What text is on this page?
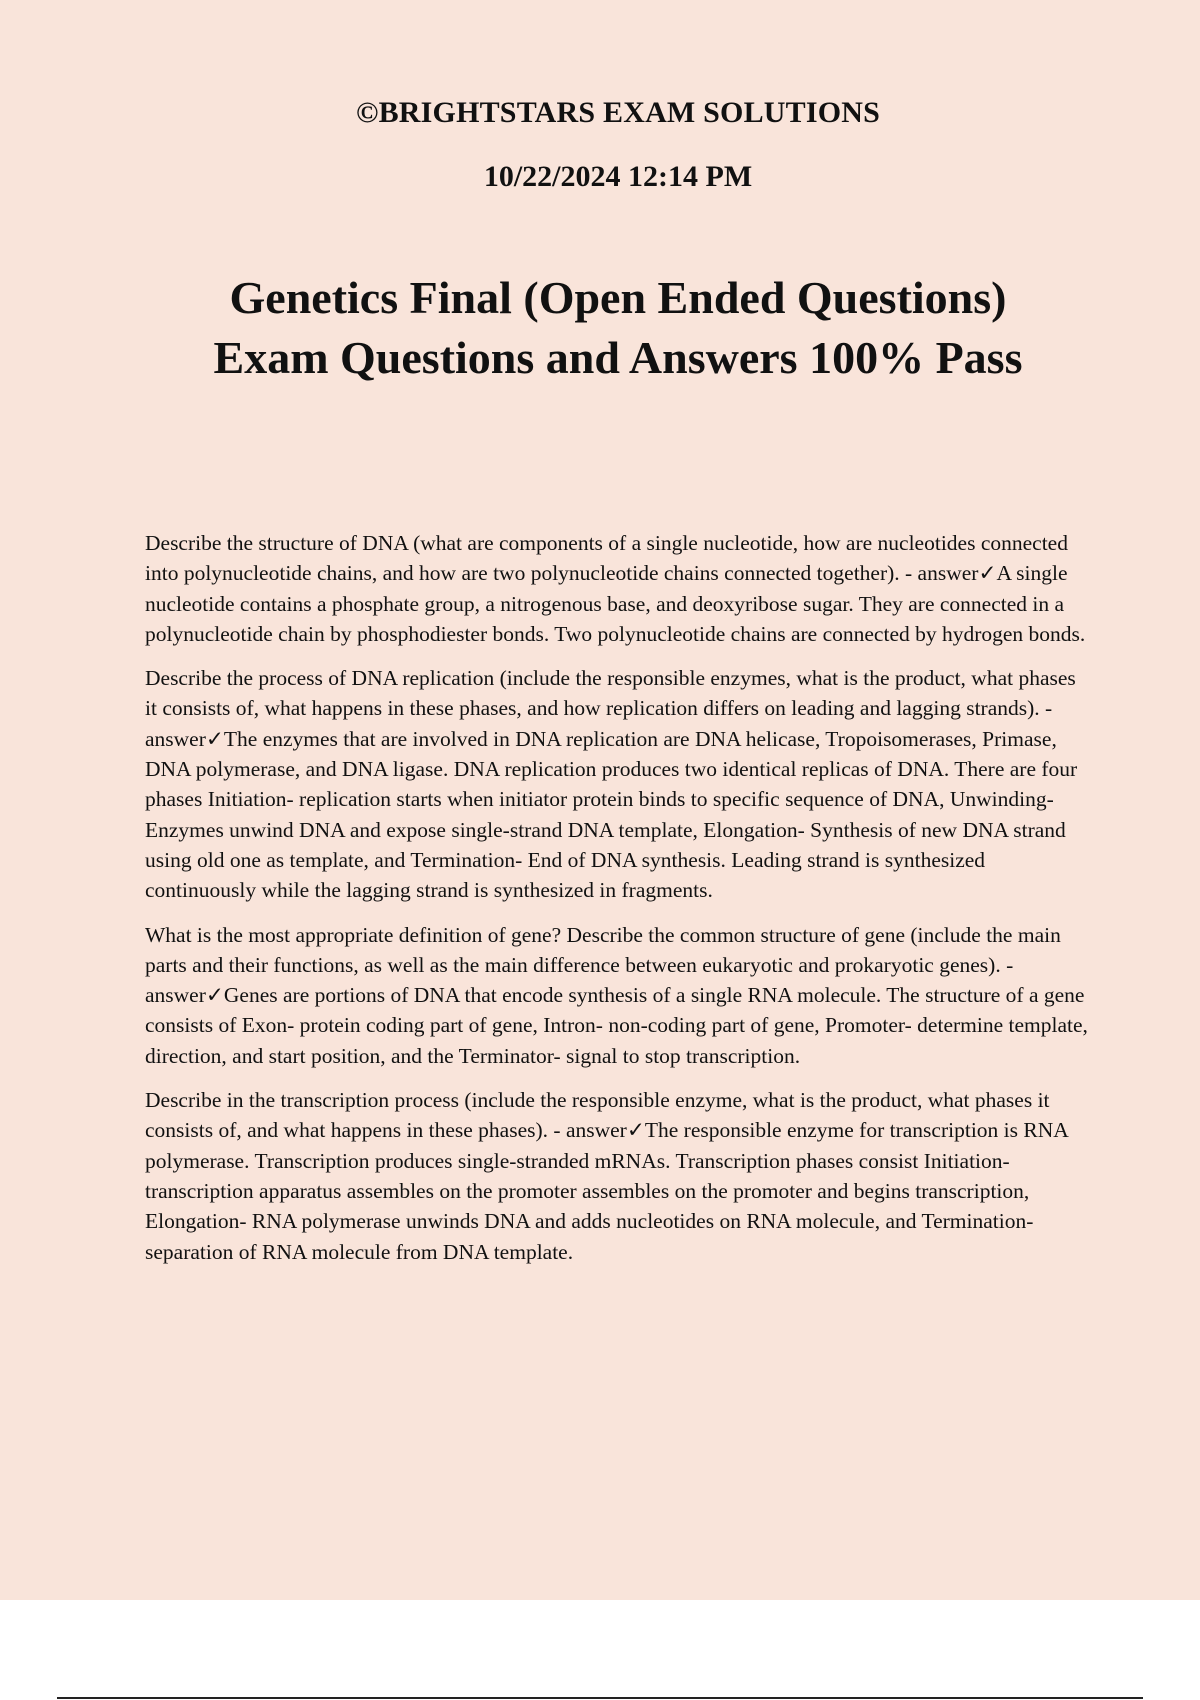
©BRIGHTSTARS EXAM SOLUTIONS
10/22/2024 12:14 PM
Genetics Final (Open Ended Questions)
Exam Questions and Answers 100% Pass

Describe the structure of DNA (what are components of a single nucleotide, how are nucleotides connected into polynucleotide chains, and how are two polynucleotide chains connected together). - answer✓A single nucleotide contains a phosphate group, a nitrogenous base, and deoxyribose sugar. They are connected in a polynucleotide chain by phosphodiester bonds. Two polynucleotide chains are connected by hydrogen bonds.

Describe the process of DNA replication (include the responsible enzymes, what is the product, what phases it consists of, what happens in these phases, and how replication differs on leading and lagging strands). - answer✓The enzymes that are involved in DNA replication are DNA helicase, Tropoisomerases, Primase, DNA polymerase, and DNA ligase. DNA replication produces two identical replicas of DNA. There are four phases Initiation- replication starts when initiator protein binds to specific sequence of DNA, Unwinding- Enzymes unwind DNA and expose single-strand DNA template, Elongation- Synthesis of new DNA strand using old one as template, and Termination- End of DNA synthesis. Leading strand is synthesized continuously while the lagging strand is synthesized in fragments.

What is the most appropriate definition of gene? Describe the common structure of gene (include the main parts and their functions, as well as the main difference between eukaryotic and prokaryotic genes). - answer✓Genes are portions of DNA that encode synthesis of a single RNA molecule. The structure of a gene consists of Exon- protein coding part of gene, Intron- non-coding part of gene, Promoter- determine template, direction, and start position, and the Terminator- signal to stop transcription.

Describe in the transcription process (include the responsible enzyme, what is the product, what phases it consists of, and what happens in these phases). - answer✓The responsible enzyme for transcription is RNA polymerase. Transcription produces single-stranded mRNAs. Transcription phases consist Initiation- transcription apparatus assembles on the promoter assembles on the promoter and begins transcription, Elongation- RNA polymerase unwinds DNA and adds nucleotides on RNA molecule, and Termination- separation of RNA molecule from DNA template.
